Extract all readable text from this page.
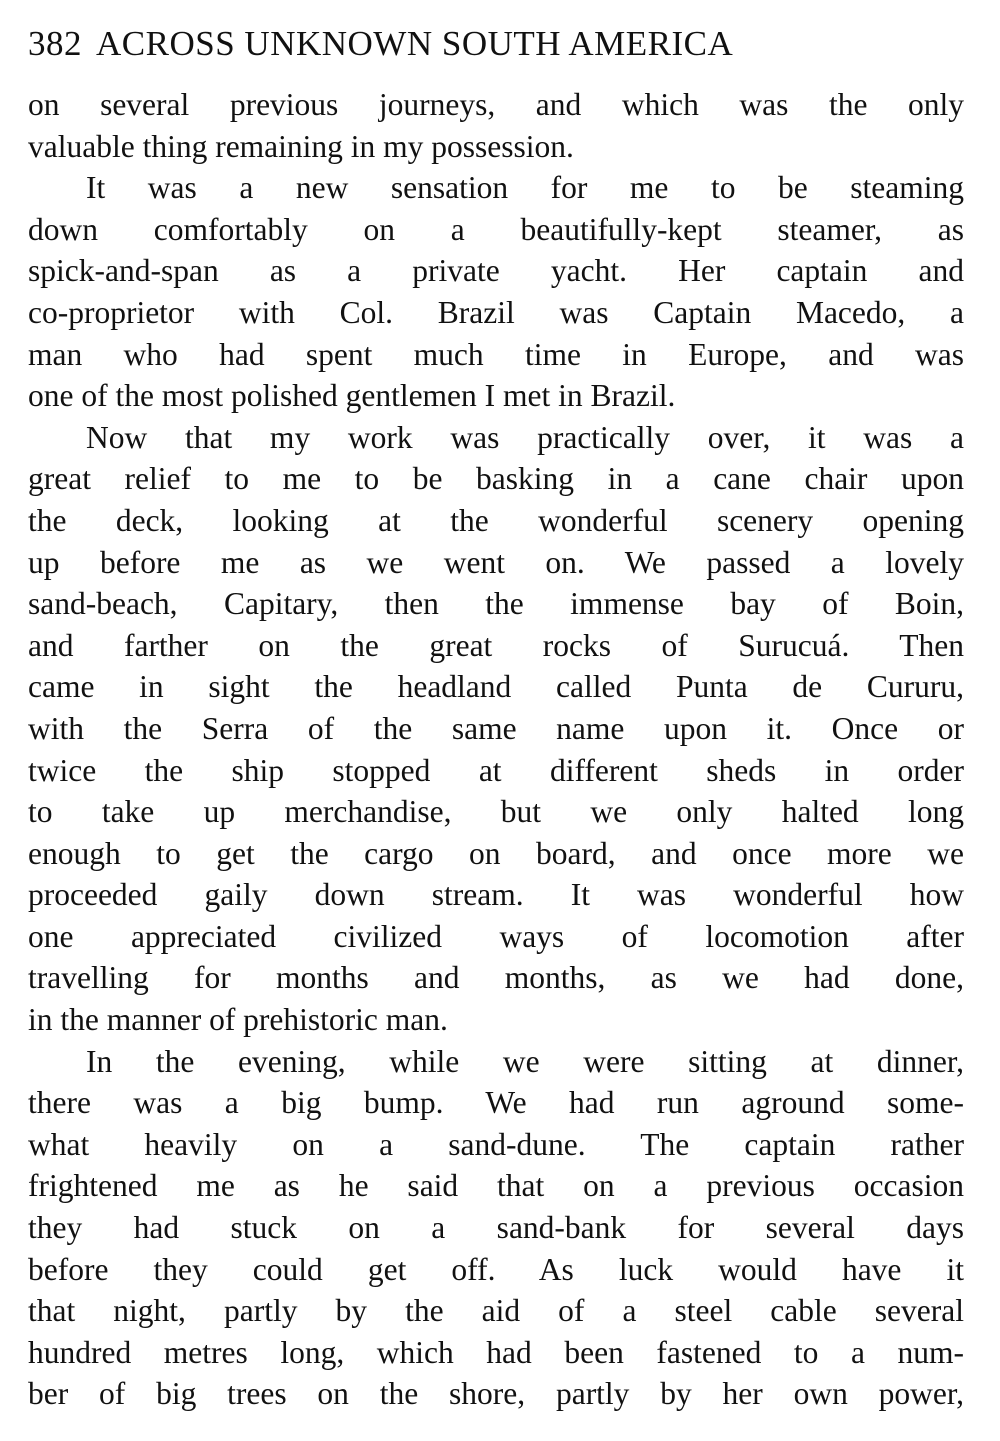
382 ACROSS UNKNOWN SOUTH AMERICA
on several previous journeys, and which was the only
valuable thing remaining in my possession.
It was a new sensation for me to be steaming
down comfortably on a beautifully-kept steamer, as
spick-and-span as a private yacht. Her captain and
co-proprietor with Col. Brazil was Captain Macedo, a
man who had spent much time in Europe, and was
one of the most polished gentlemen I met in Brazil.
Now that my work was practically over, it was a
great relief to me to be basking in a cane chair upon
the deck, looking at the wonderful scenery opening
up before me as we went on. We passed a lovely
sand-beach, Capitary, then the immense bay of Boin,
and farther on the great rocks of Surucuá. Then
came in sight the headland called Punta de Cururu,
with the Serra of the same name upon it. Once or
twice the ship stopped at different sheds in order
to take up merchandise, but we only halted long
enough to get the cargo on board, and once more we
proceeded gaily down stream. It was wonderful how
one appreciated civilized ways of locomotion after
travelling for months and months, as we had done,
in the manner of prehistoric man.
In the evening, while we were sitting at dinner,
there was a big bump. We had run aground some-
what heavily on a sand-dune. The captain rather
frightened me as he said that on a previous occasion
they had stuck on a sand-bank for several days
before they could get off. As luck would have it
that night, partly by the aid of a steel cable several
hundred metres long, which had been fastened to a num-
ber of big trees on the shore, partly by her own power,
